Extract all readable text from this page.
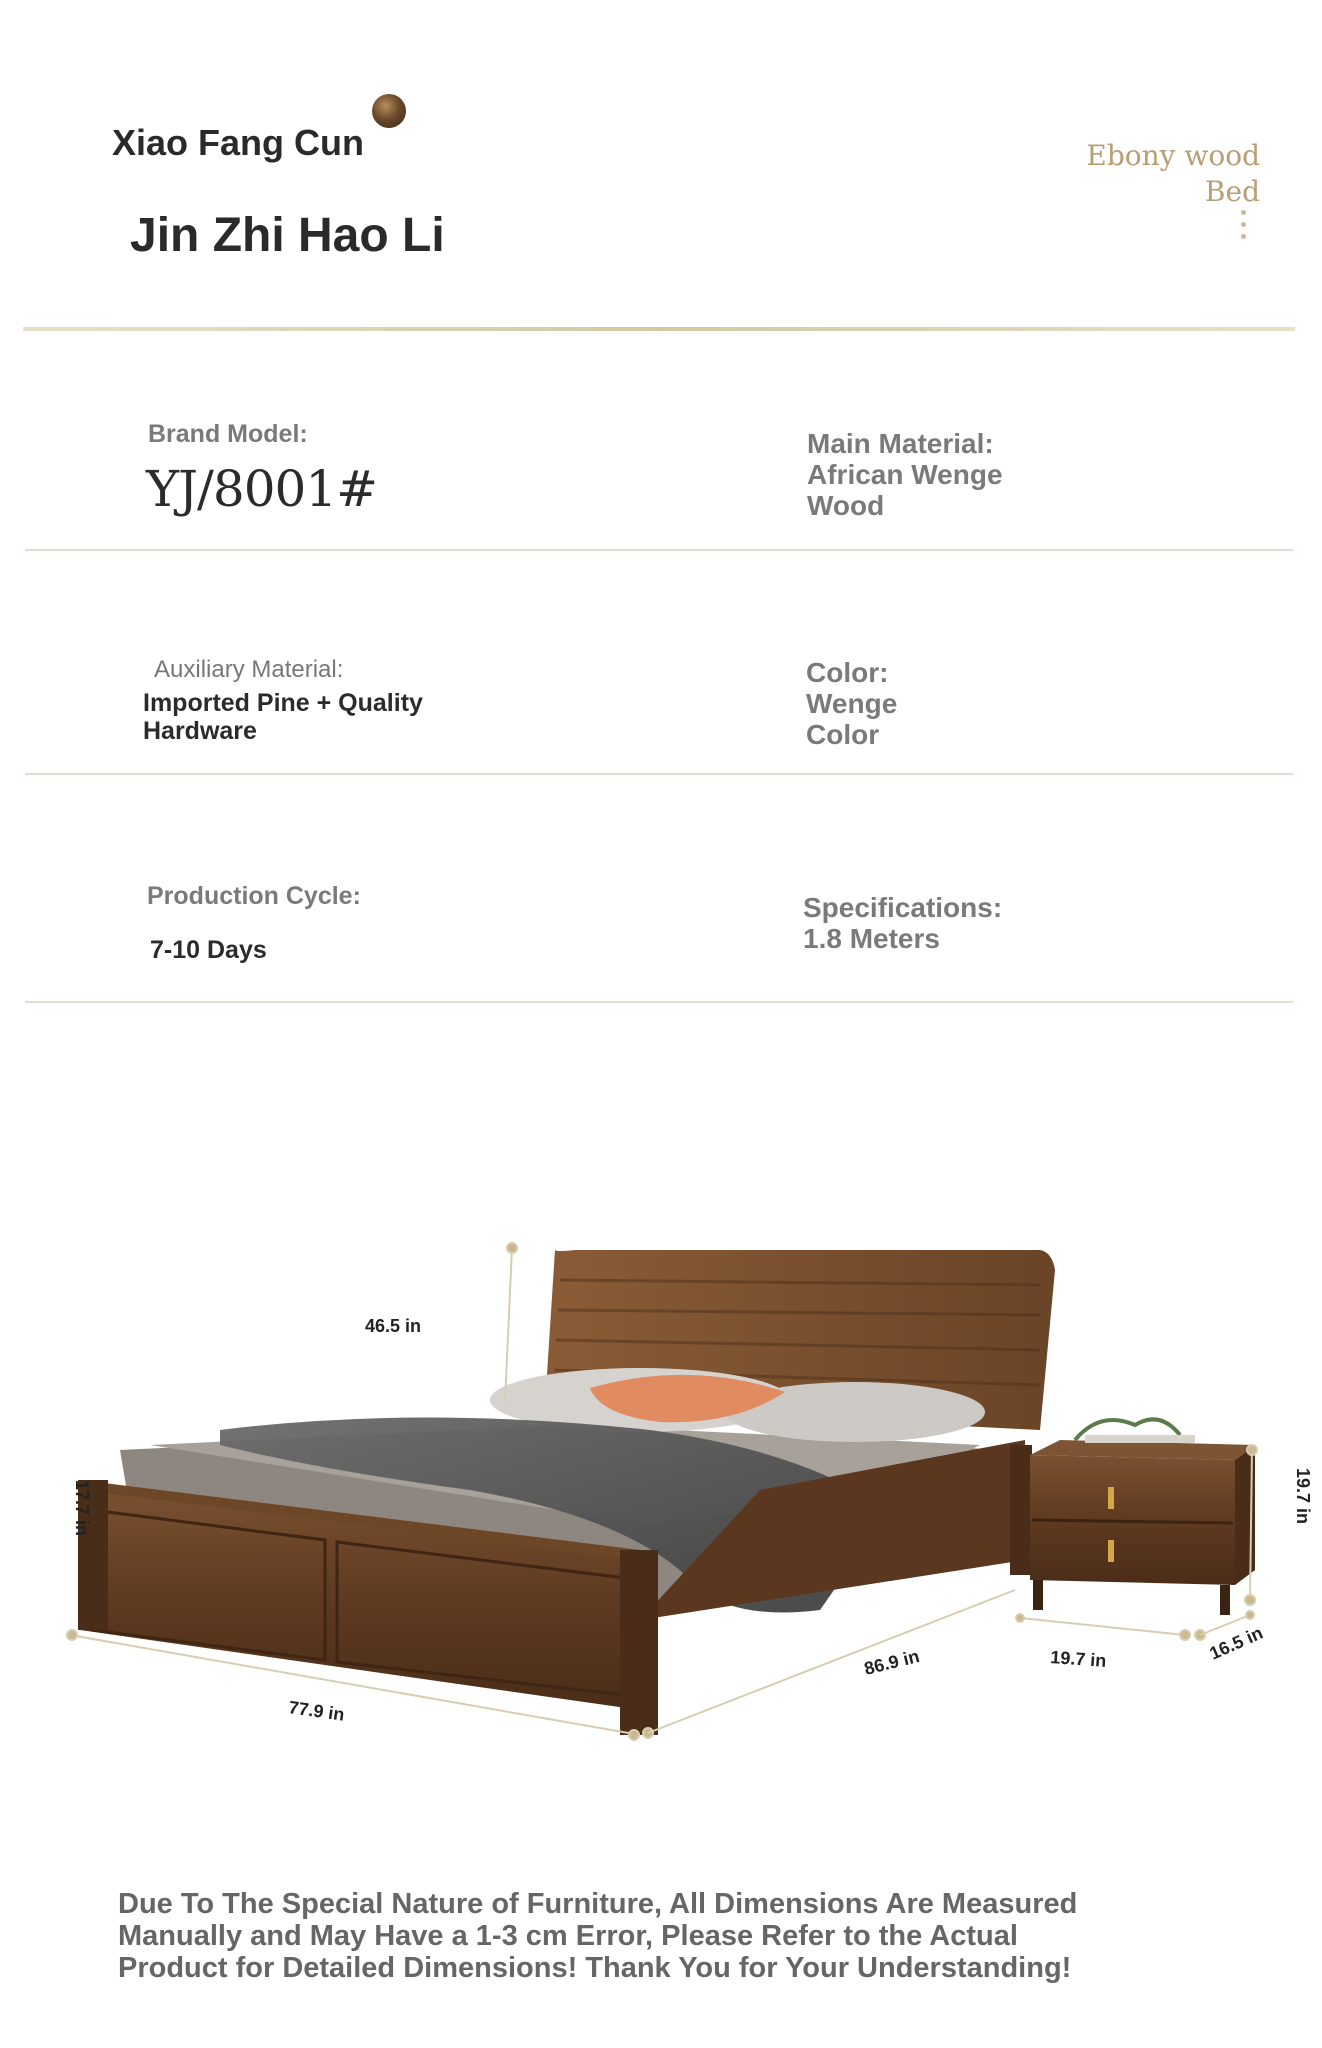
Xiao Fang Cun
Jin Zhi Hao Li
Ebony wood
Bed
Brand Model:
YJ/8001#
Main Material:
African Wenge
Wood
Auxiliary Material:
Imported Pine + Quality
Hardware
Color:
Wenge
Color
Production Cycle:
7-10 Days
Specifications:
1.8 Meters
46.5 in
77.9 in
86.9 in	19.7 in	16.5 in
19.7 in
17.7 in
Due To The Special Nature of Furniture, All Dimensions Are Measured
Manually and May Have a 1-3 cm Error, Please Refer to the Actual
Product for Detailed Dimensions! Thank You for Your Understanding!
